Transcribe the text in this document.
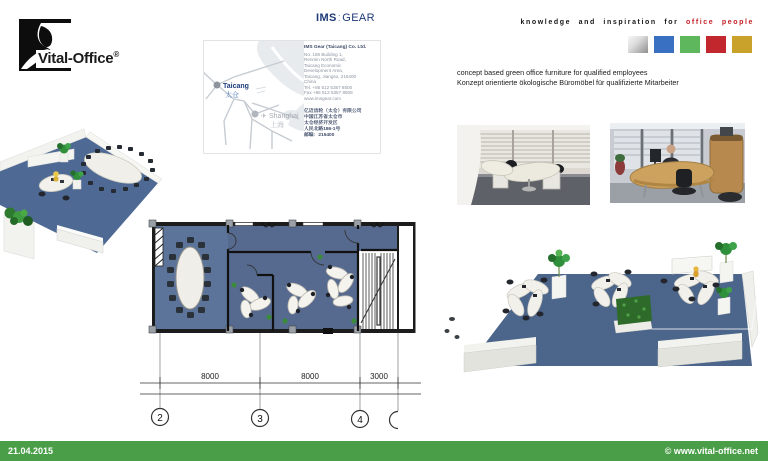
Vital-Office®
IMS:GEAR	knowledge and inspiration for office people
Taicang
太仓
✈ Shanghai
上海
IMS Gear (Taicang) Co. Ltd.
No. 186 Building 1,
Renmin North Road,
Taicang Economic
Development Area,
Taicang, Jiangsu, 215400
China
Tel. +86 512 5357 8500
Fax +86 512 5357 8508
www.imsgear.com
亿迈齿轮（太仓）有限公司
中国江苏省太仓市
太仓经济开发区
人民北路186-1号
邮编：215400
concept based green office furniture for qualified employees
Konzept orientierte ökologische Büromöbel für qualifizierte Mitarbeiter
8000	8000	3000
2	3	4
21.04.2015	© www.vital-office.net
